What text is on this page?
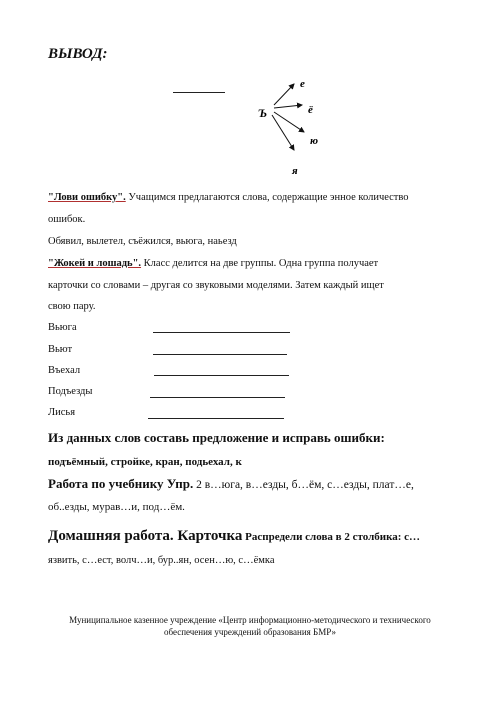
ВЫВОД:
Ъ
е
ё
ю
я
"Лови ошибку". Учащимся предлагаются слова, содержащие энное количество
ошибок.
Обявил, вылетел, съёжился, вьюга, наьезд
"Жокей и лошадь". Класс делится на две группы. Одна группа получает
карточки со словами – другая со звуковыми моделями. Затем каждый ищет
свою пару.
Вьюга
Вьют
Въехал
Подъезды
Лисья
Из данных слов составь предложение и исправь ошибки:
подъёмный, стройке, кран, подьехал, к
Работа по учебнику Упр. 2 в…юга, в…езды, б…ём, с…езды, плат…е,
об..езды, мурав…и, под…ём.
Домашняя работа. Карточка Распредели слова в 2 столбика: с…
язвить, с…ест, волч…и, бур..ян, осен…ю, с…ёмка
Муниципальное казенное учреждение «Центр информационно-методического и технического
обеспечения учреждений образования БМР»
